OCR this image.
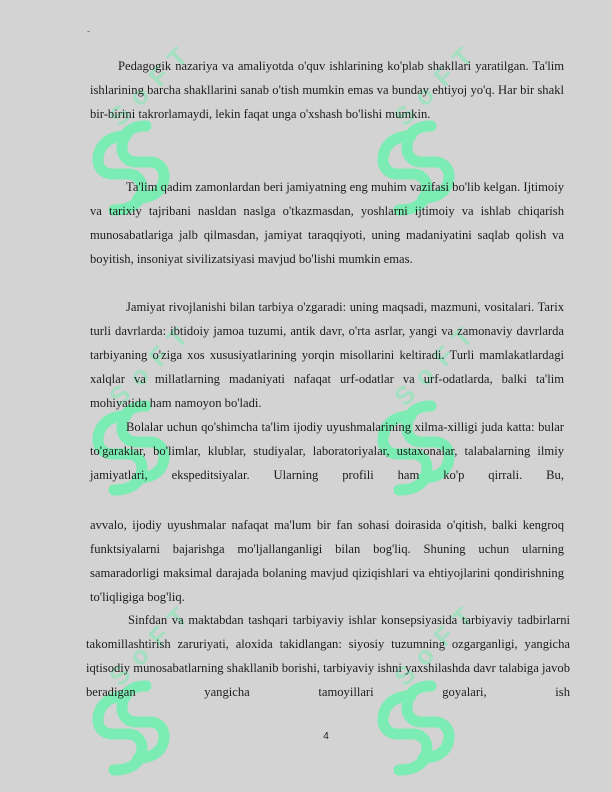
-

Pedagogik nazariya va amaliyotda o'quv ishlarining ko'plab shakllari yaratilgan. Ta'lim ishlarining barcha shakllarini sanab o'tish mumkin emas va bunday ehtiyoj yo'q. Har bir shakl bir-birini takrorlamaydi, lekin faqat unga o'xshash bo'lishi mumkin.

Ta'lim qadim zamonlardan beri jamiyatning eng muhim vazifasi bo'lib kelgan. Ijtimoiy va tarixiy tajribani nasldan naslga o'tkazmasdan, yoshlarni ijtimoiy va ishlab chiqarish munosabatlariga jalb qilmasdan, jamiyat taraqqiyoti, uning madaniyatini saqlab qolish va boyitish, insoniyat sivilizatsiyasi mavjud bo'lishi mumkin emas.

Jamiyat rivojlanishi bilan tarbiya o'zgaradi: uning maqsadi, mazmuni, vositalari. Tarix turli davrlarda: ibtidoiy jamoa tuzumi, antik davr, o'rta asrlar, yangi va zamonaviy davrlarda tarbiyaning o'ziga xos xususiyatlarining yorqin misollarini keltiradi. Turli mamlakatlardagi xalqlar va millatlarning madaniyati nafaqat urf-odatlar va urf-odatlarda, balki ta'lim mohiyatida ham namoyon bo'ladi.

Bolalar uchun qo'shimcha ta'lim ijodiy uyushmalarining xilma-xilligi juda katta: bular to'garaklar, bo'limlar, klublar, studiyalar, laboratoriyalar, ustaxonalar, talabalarning ilmiy jamiyatlari, ekspeditsiyalar. Ularning profili ham ko'p qirrali. Bu,

avvalo, ijodiy uyushmalar nafaqat ma'lum bir fan sohasi doirasida o'qitish, balki kengroq funktsiyalarni bajarishga mo'ljallanganligi bilan bog'liq. Shuning uchun ularning samaradorligi maksimal darajada bolaning mavjud qiziqishlari va ehtiyojlarini qondirishning to'liqligiga bog'liq.

Sinfdan va maktabdan tashqari tarbiyaviy ishlar konsepsiyasida tarbiyaviy tadbirlarni takomillashtirish zaruriyati, aloxida takidlangan: siyosiy tuzumning ozgarganligi, yangicha iqtisodiy munosabatlarning shakllanib borishi, tarbiyaviy ishni yaxshilashda davr talabiga javob beradigan yangicha tamoyillari goyalari, ish

4
